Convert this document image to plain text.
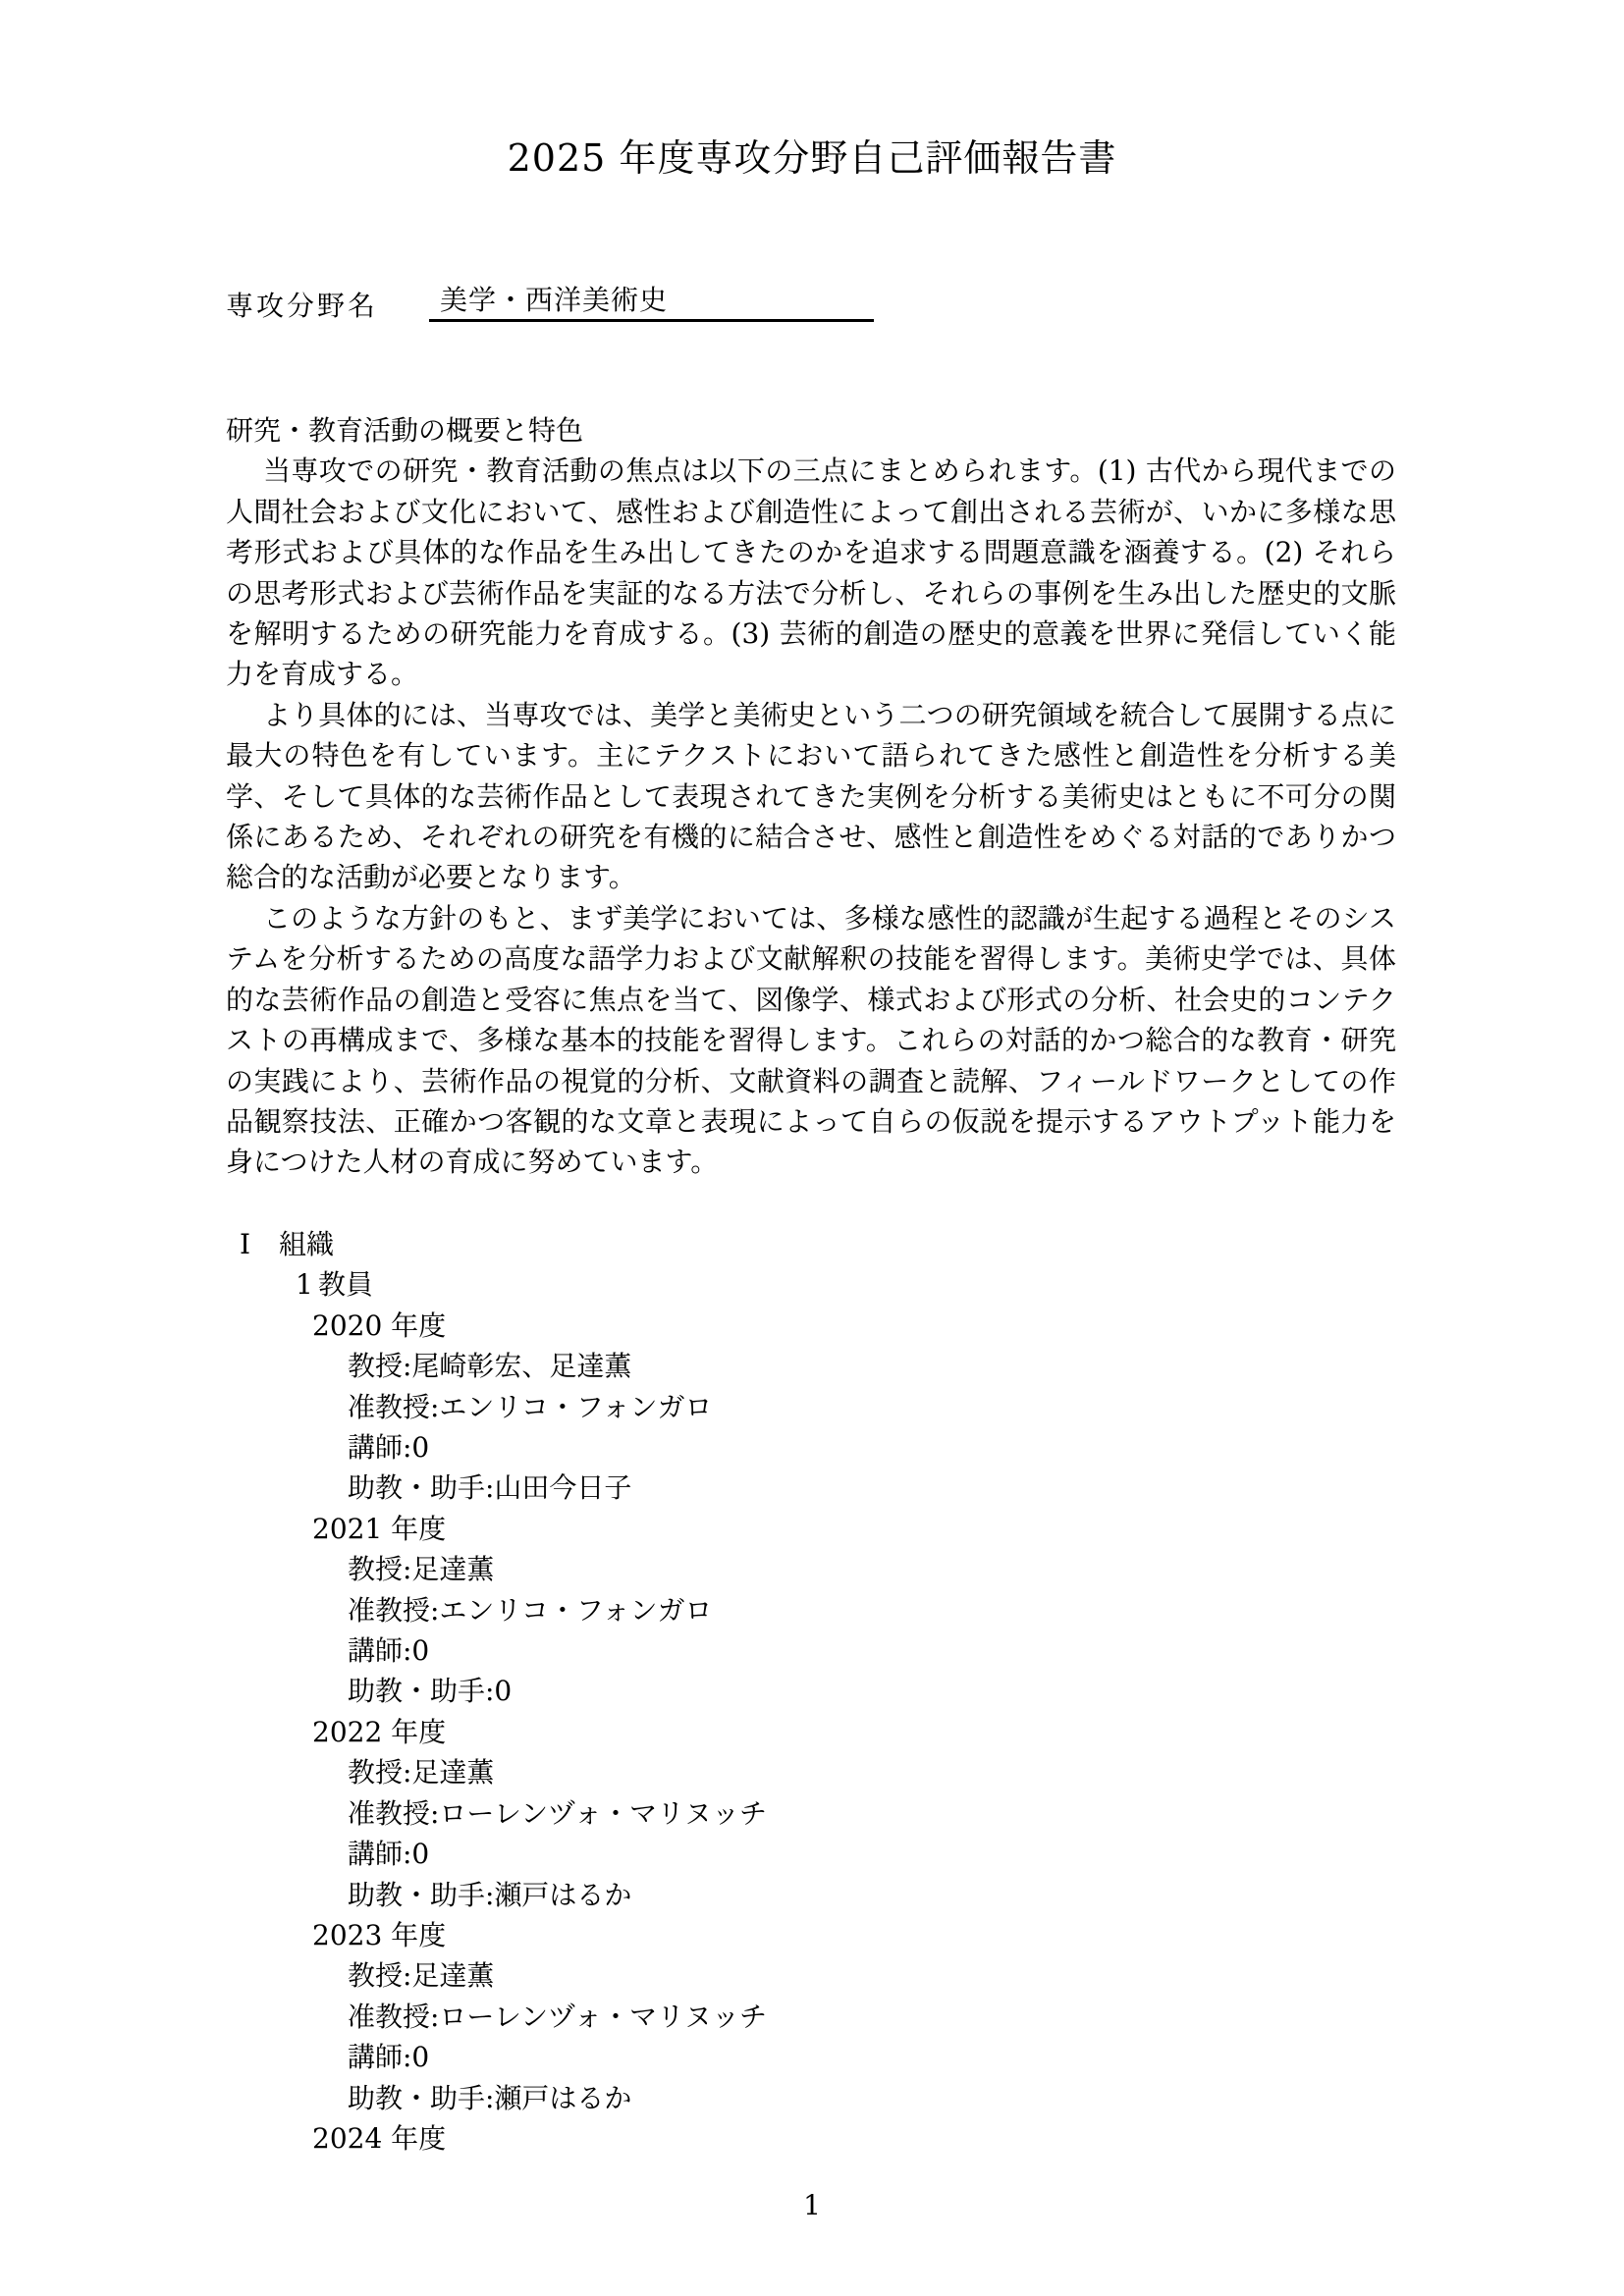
2025 年度専攻分野自己評価報告書
専攻分野名	美学・西洋美術史
研究・教育活動の概要と特色

当専攻での研究・教育活動の焦点は以下の三点にまとめられます。(1) 古代から現代までの人間社会および文化において、感性および創造性によって創出される芸術が、いかに多様な思考形式および具体的な作品を生み出してきたのかを追求する問題意識を涵養する。(2) それらの思考形式および芸術作品を実証的なる方法で分析し、それらの事例を生み出した歴史的文脈を解明するための研究能力を育成する。(3) 芸術的創造の歴史的意義を世界に発信していく能力を育成する。

より具体的には、当専攻では、美学と美術史という二つの研究領域を統合して展開する点に最大の特色を有しています。主にテクストにおいて語られてきた感性と創造性を分析する美学、そして具体的な芸術作品として表現されてきた実例を分析する美術史はともに不可分の関係にあるため、それぞれの研究を有機的に結合させ、感性と創造性をめぐる対話的でありかつ総合的な活動が必要となります。

このような方針のもと、まず美学においては、多様な感性的認識が生起する過程とそのシステムを分析するための高度な語学力および文献解釈の技能を習得します。美術史学では、具体的な芸術作品の創造と受容に焦点を当て、図像学、様式および形式の分析、社会史的コンテクストの再構成まで、多様な基本的技能を習得します。これらの対話的かつ総合的な教育・研究の実践により、芸術作品の視覚的分析、文献資料の調査と読解、フィールドワークとしての作品観察技法、正確かつ客観的な文章と表現によって自らの仮説を提示するアウトプット能力を身につけた人材の育成に努めています。

Ⅰ 組織
1 教員
2020 年度
教授:尾崎彰宏、足達薫
准教授:エンリコ・フォンガロ
講師:0
助教・助手:山田今日子
2021 年度
教授:足達薫
准教授:エンリコ・フォンガロ
講師:0
助教・助手:0
2022 年度
教授:足達薫
准教授:ローレンヅォ・マリヌッチ
講師:0
助教・助手:瀬戸はるか
2023 年度
教授:足達薫
准教授:ローレンヅォ・マリヌッチ
講師:0
助教・助手:瀬戸はるか
2024 年度
1
